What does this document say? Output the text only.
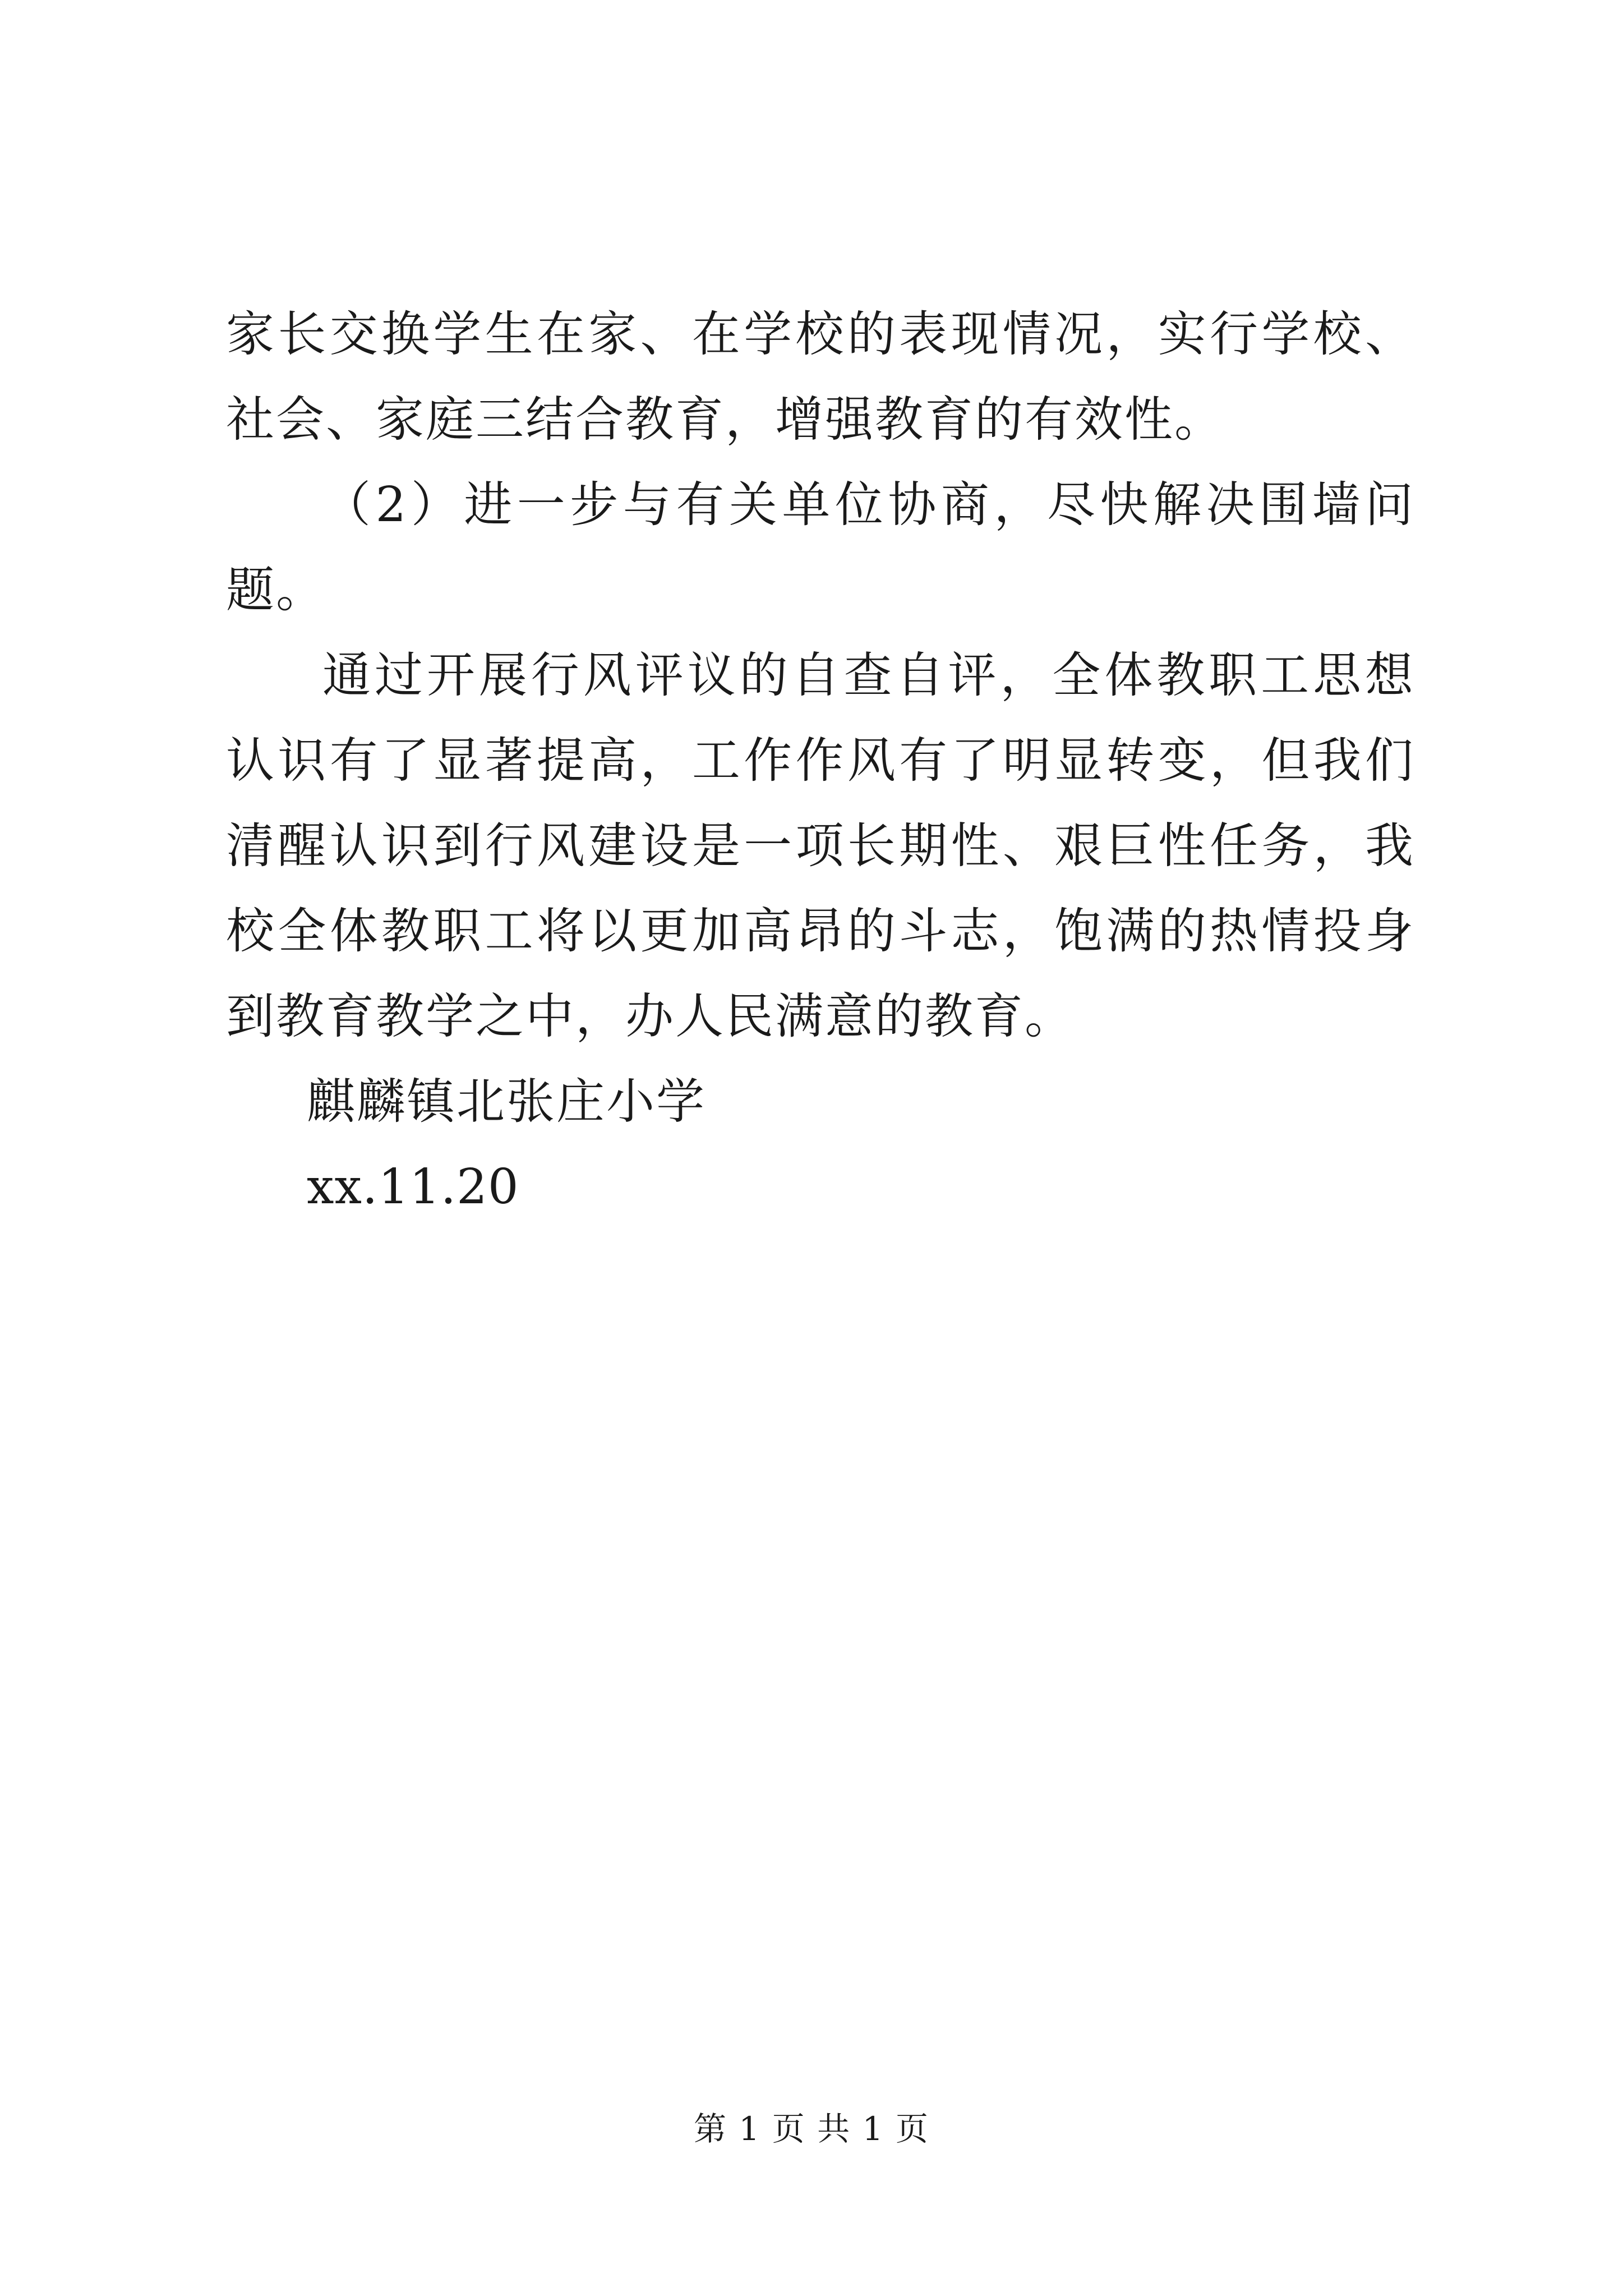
家长交换学生在家、在学校的表现情况，实行学校、社会、家庭三结合教育，增强教育的有效性。

（2）进一步与有关单位协商，尽快解决围墙问题。

通过开展行风评议的自查自评，全体教职工思想认识有了显著提高，工作作风有了明显转变，但我们清醒认识到行风建设是一项长期性、艰巨性任务，我校全体教职工将以更加高昂的斗志，饱满的热情投身到教育教学之中，办人民满意的教育。

麒麟镇北张庄小学

xx.11.20

第 1 页 共 1 页
